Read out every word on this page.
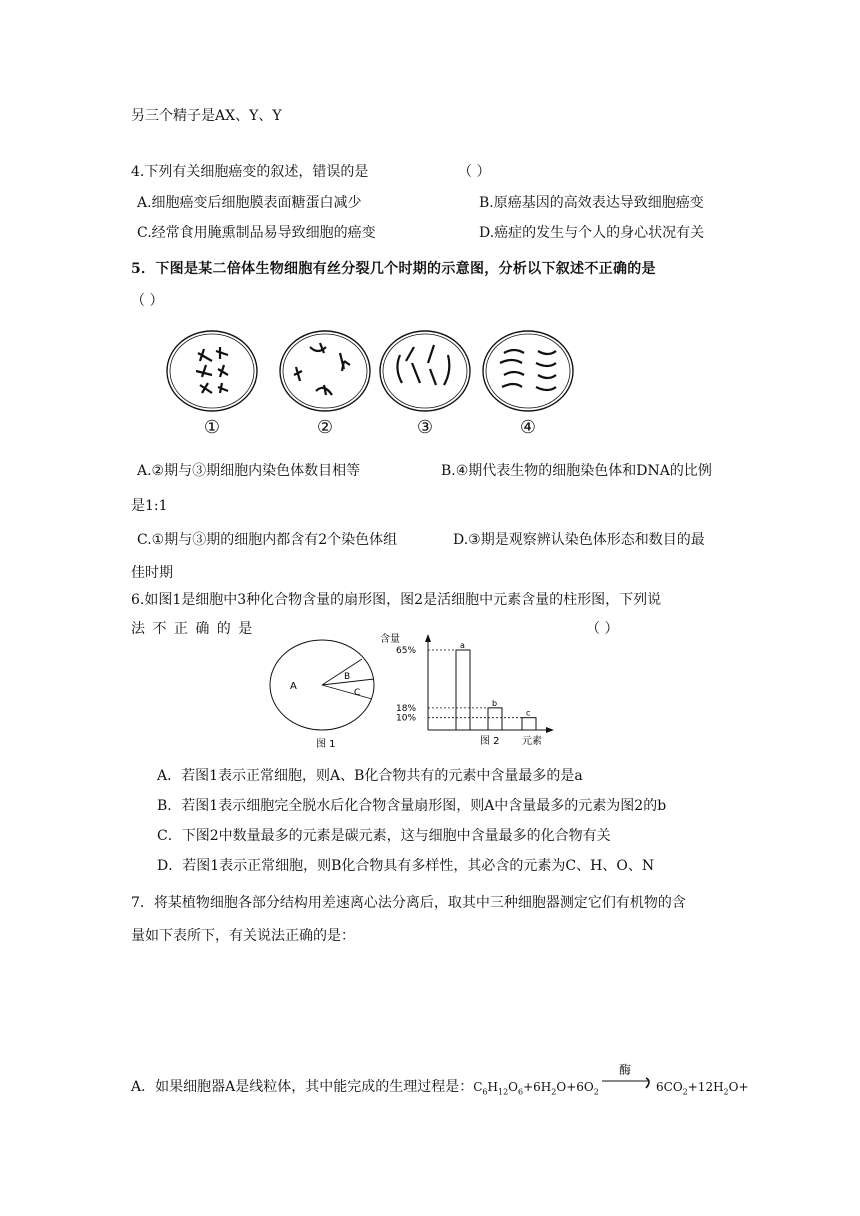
另三个精子是AX、Y、Y
4.下列有关细胞癌变的叙述，错误的是	（ ）
A.细胞癌变后细胞膜表面糖蛋白减少	B.原癌基因的高效表达导致细胞癌变
C.经常食用腌熏制品易导致细胞的癌变	D.癌症的发生与个人的身心状况有关
5．下图是某二倍体生物细胞有丝分裂几个时期的示意图，分析以下叙述不正确的是
（ ）
①	②	③	④
A.②期与③期细胞内染色体数目相等	B.④期代表生物的细胞染色体和DNA的比例
是1:1
C.①期与③期的细胞内都含有2个染色体组	D.③期是观察辨认染色体形态和数目的最
佳时期
6.如图1是细胞中3种化合物含量的扇形图，图2是活细胞中元素含量的柱形图，下列说
法 不 正 确 的 是	（ ）
A
B
C
图 1
含量
65%
18%
10%
a
b
c
元素
图 2
A．若图1表示正常细胞，则A、B化合物共有的元素中含量最多的是a
B．若图1表示细胞完全脱水后化合物含量扇形图，则A中含量最多的元素为图2的b
C．下图2中数量最多的元素是碳元素，这与细胞中含量最多的化合物有关
D．若图1表示正常细胞，则B化合物具有多样性，其必含的元素为C、H、O、N
7．将某植物细胞各部分结构用差速离心法分离后，取其中三种细胞器测定它们有机物的含
量如下表所下，有关说法正确的是：
A．如果细胞器A是线粒体，其中能完成的生理过程是：$C_6H_{12}O_6+6H_2O+6O_2$
酶
→ $6CO_2+12H_2O+$
